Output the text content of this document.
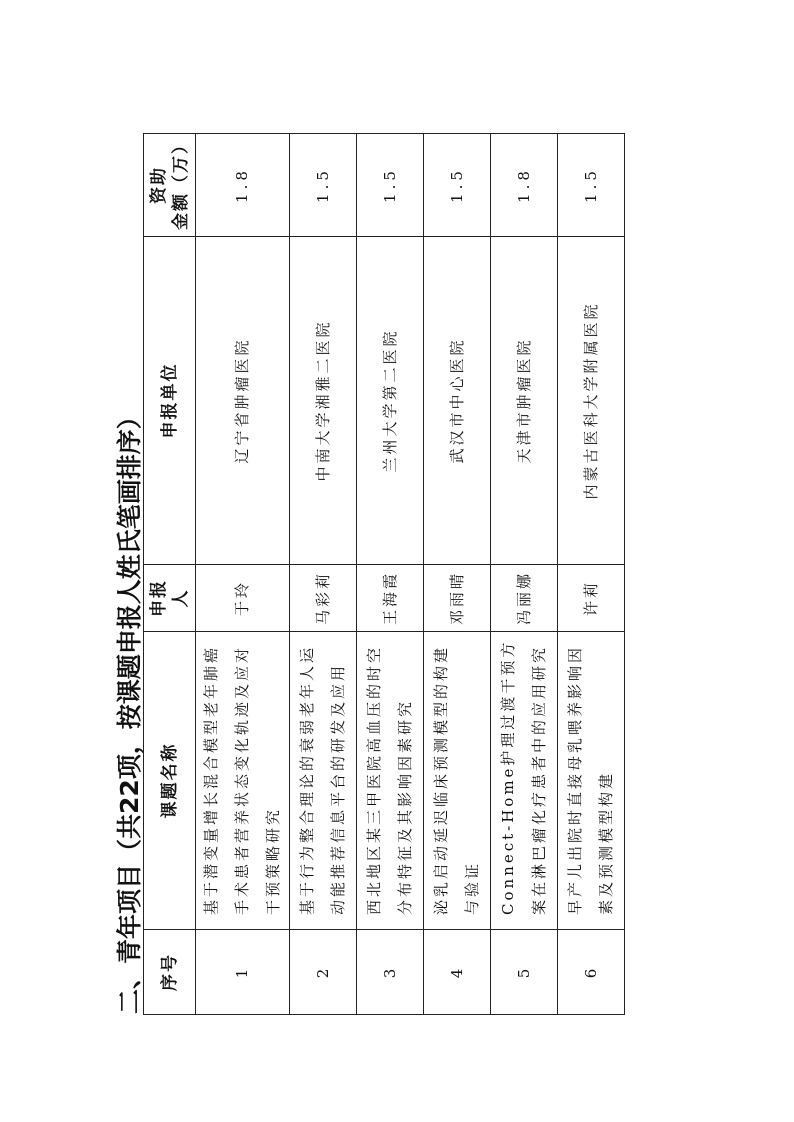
二、青年项目（共22项，按课题申报人姓氏笔画排序） 序号	课题名称	申报人	申报单位	资助 金额（万）

1	基于潜变量增长混合模型老年肺癌手术患者营养状态变化轨迹及应对干预策略研究	于玲	辽宁省肿瘤医院	1.8
2	基于行为整合理论的衰弱老年人运动能推荐信息平台的研发及应用	马彩莉	中南大学湘雅二医院	1.5
3	西北地区某三甲医院高血压的时空分布特征及其影响因素研究	王海霞	兰州大学第二医院	1.5
4	泌乳启动延迟临床预测模型的构建与验证	邓雨晴	武汉市中心医院	1.5
5	Connect-Home护理过渡干预方案在淋巴瘤化疗患者中的应用研究	冯丽娜	天津市肿瘤医院	1.8
6	早产儿出院时直接母乳喂养影响因素及预测模型构建	许莉	内蒙古医科大学附属医院	1.5
